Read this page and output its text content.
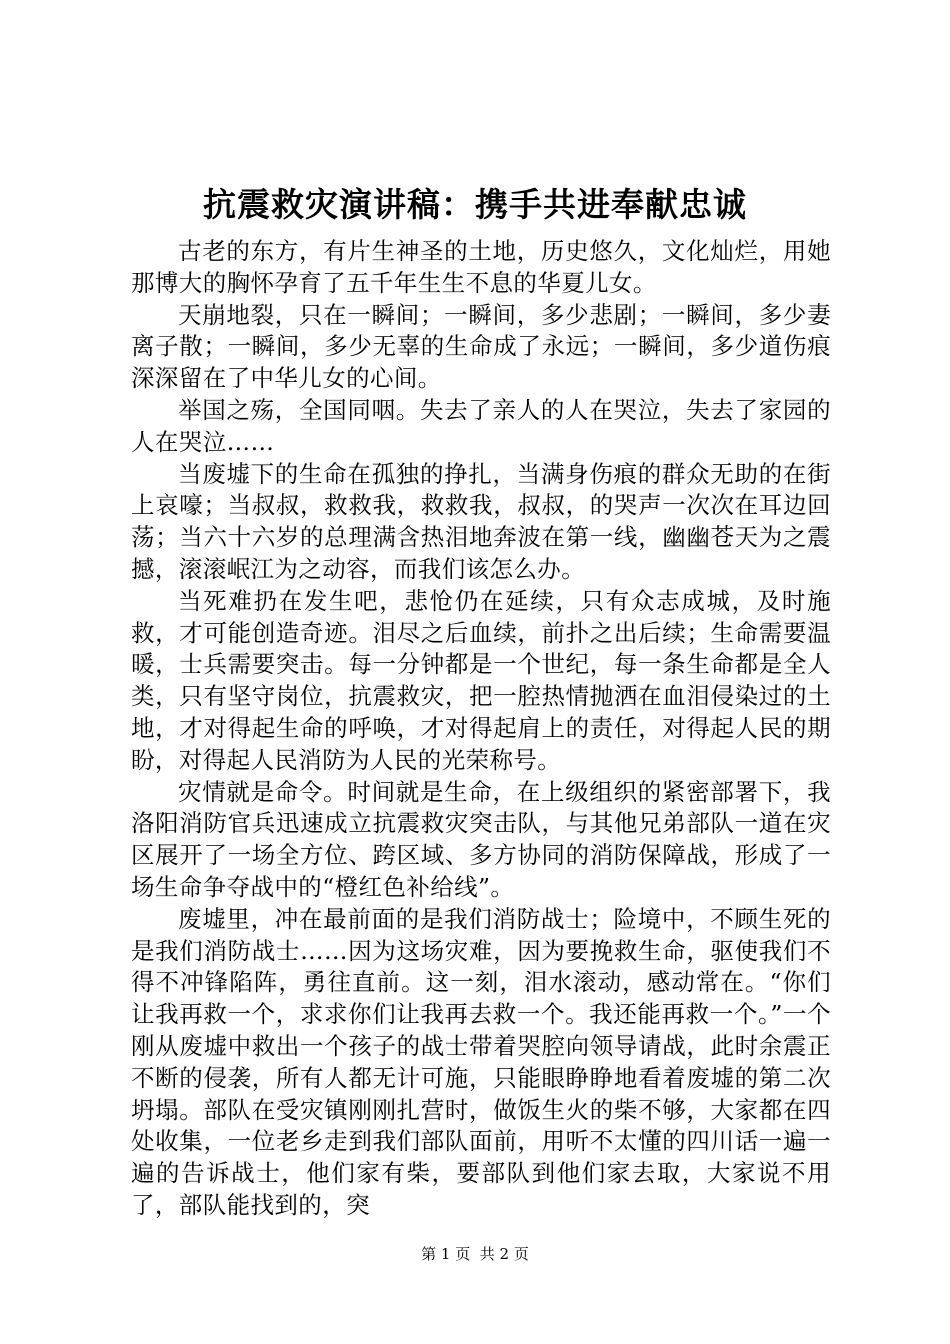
抗震救灾演讲稿：携手共进奉献忠诚

古老的东方，有片生神圣的土地，历史悠久，文化灿烂，用她那博大的胸怀孕育了五千年生生不息的华夏儿女。

天崩地裂，只在一瞬间；一瞬间，多少悲剧；一瞬间，多少妻离子散；一瞬间，多少无辜的生命成了永远；一瞬间，多少道伤痕深深留在了中华儿女的心间。

举国之殇，全国同咽。失去了亲人的人在哭泣，失去了家园的人在哭泣……

当废墟下的生命在孤独的挣扎，当满身伤痕的群众无助的在街上哀嚎；当叔叔，救救我，救救我，叔叔，的哭声一次次在耳边回荡；当六十六岁的总理满含热泪地奔波在第一线，幽幽苍天为之震撼，滚滚岷江为之动容，而我们该怎么办。

当死难扔在发生吧，悲怆仍在延续，只有众志成城，及时施救，才可能创造奇迹。泪尽之后血续，前扑之出后续；生命需要温暖，士兵需要突击。每一分钟都是一个世纪，每一条生命都是全人类，只有坚守岗位，抗震救灾，把一腔热情抛洒在血泪侵染过的土地，才对得起生命的呼唤，才对得起肩上的责任，对得起人民的期盼，对得起人民消防为人民的光荣称号。

灾情就是命令。时间就是生命，在上级组织的紧密部署下，我洛阳消防官兵迅速成立抗震救灾突击队，与其他兄弟部队一道在灾区展开了一场全方位、跨区域、多方协同的消防保障战，形成了一场生命争夺战中的“橙红色补给线”。

废墟里，冲在最前面的是我们消防战士；险境中，不顾生死的是我们消防战士……因为这场灾难，因为要挽救生命，驱使我们不得不冲锋陷阵，勇往直前。这一刻，泪水滚动，感动常在。“你们让我再救一个，求求你们让我再去救一个。我还能再救一个。”一个刚从废墟中救出一个孩子的战士带着哭腔向领导请战，此时余震正不断的侵袭，所有人都无计可施，只能眼睁睁地看着废墟的第二次坍塌。部队在受灾镇刚刚扎营时，做饭生火的柴不够，大家都在四处收集，一位老乡走到我们部队面前，用听不太懂的四川话一遍一遍的告诉战士，他们家有柴，要部队到他们家去取，大家说不用了，部队能找到的，突

第 1 页 共 2 页
